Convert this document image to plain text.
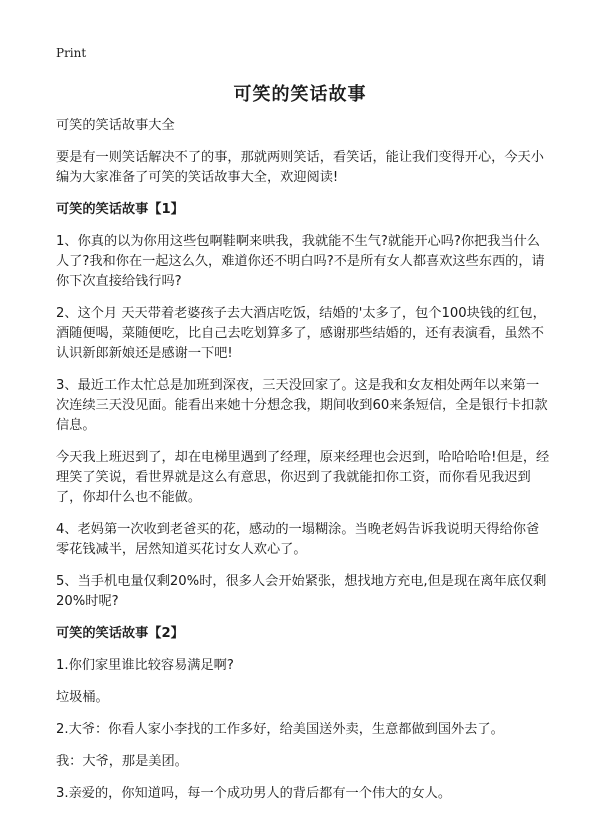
Print
可笑的笑话故事

可笑的笑话故事大全

要是有一则笑话解决不了的事，那就两则笑话，看笑话，能让我们变得开心，今天小编为大家准备了可笑的笑话故事大全，欢迎阅读!

可笑的笑话故事【1】

1、你真的以为你用这些包啊鞋啊来哄我，我就能不生气?就能开心吗?你把我当什么人了?我和你在一起这么久，难道你还不明白吗?不是所有女人都喜欢这些东西的，请你下次直接给钱行吗?

2、这个月 天天带着老婆孩子去大酒店吃饭，结婚的'太多了，包个100块钱的红包，酒随便喝，菜随便吃，比自己去吃划算多了，感谢那些结婚的，还有表演看，虽然不认识新郎新娘还是感谢一下吧!

3、最近工作太忙总是加班到深夜，三天没回家了。这是我和女友相处两年以来第一次连续三天没见面。能看出来她十分想念我，期间收到60来条短信，全是银行卡扣款信息。

今天我上班迟到了，却在电梯里遇到了经理，原来经理也会迟到，哈哈哈哈!但是，经理笑了笑说，看世界就是这么有意思，你迟到了我就能扣你工资，而你看见我迟到了，你却什么也不能做。

4、老妈第一次收到老爸买的花，感动的一塌糊涂。当晚老妈告诉我说明天得给你爸零花钱减半，居然知道买花讨女人欢心了。

5、当手机电量仅剩20%时，很多人会开始紧张，想找地方充电,但是现在离年底仅剩20%时呢?

可笑的笑话故事【2】

1.你们家里谁比较容易满足啊?

垃圾桶。

2.大爷：你看人家小李找的工作多好，给美国送外卖，生意都做到国外去了。

我：大爷，那是美团。

3.亲爱的，你知道吗，每一个成功男人的背后都有一个伟大的女人。
